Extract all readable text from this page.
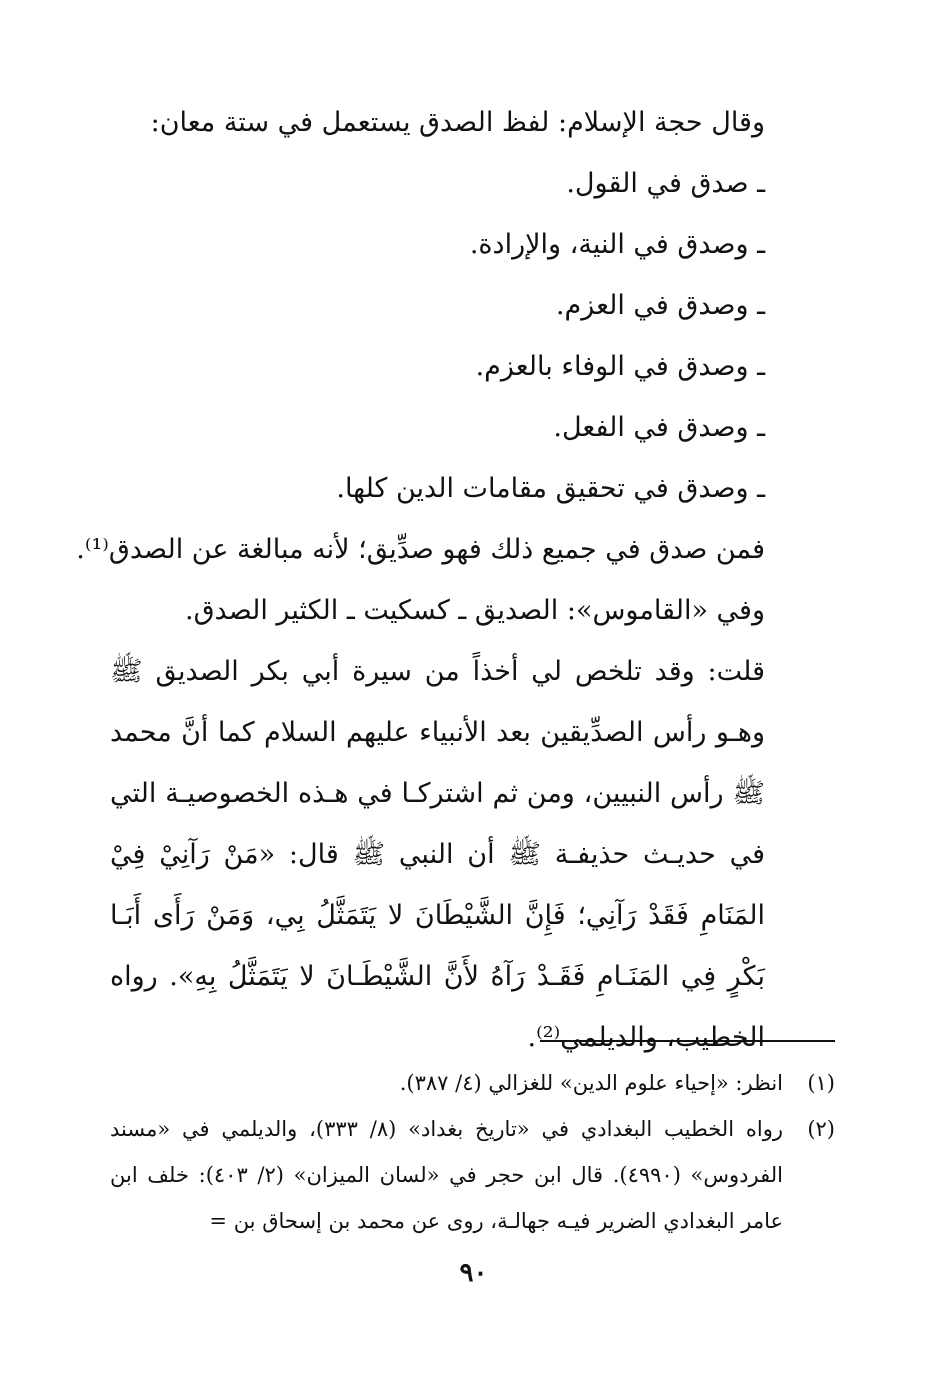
وقال حجة الإسلام: لفظ الصدق يستعمل في ستة معان:
ـ صدق في القول.
ـ وصدق في النية، والإرادة.
ـ وصدق في العزم.
ـ وصدق في الوفاء بالعزم.
ـ وصدق في الفعل.
ـ وصدق في تحقيق مقامات الدين كلها.
فمن صدق في جميع ذلك فهو صدِّيق؛ لأنه مبالغة عن الصدق⁽¹⁾.
وفي «القاموس»: الصديق ـ كسكيت ـ الكثير الصدق.
قلت: وقد تلخص لي أخذاً من سيرة أبي بكر الصديق ﷺ وهـو رأس الصدِّيقين بعد الأنبياء عليهم السلام كما أنَّ محمد ﷺ رأس النبيين، ومن ثم اشتركـا في هـذه الخصوصيـة التي في حديـث حذيفـة ﷺ أن النبي ﷺ قال: «مَنْ رَآنِيْ فِيْ المَنَامِ فَقَدْ رَآنِي؛ فَإِنَّ الشَّيْطَانَ لا يَتَمَثَّلُ بِي، وَمَنْ رَأَى أَبَـا بَكْرٍ فِي المَنَـامِ فَقَـدْ رَآهُ لأَنَّ الشَّيْطَـانَ لا يَتَمَثَّلُ بِهِ». رواه الخطيب، والديلمي⁽²⁾.
(١)
انظر: «إحياء علوم الدين» للغزالي (٤/ ٣٨٧).
(٢)
رواه الخطيب البغدادي في «تاريخ بغداد» (٨/ ٣٣٣)، والديلمي في «مسند الفردوس» (٤٩٩٠). قال ابن حجر في «لسان الميزان» (٢/ ٤٠٣): خلف ابن عامر البغدادي الضرير فيـه جهالـة، روى عن محمد بن إسحاق بن =
٩٠
